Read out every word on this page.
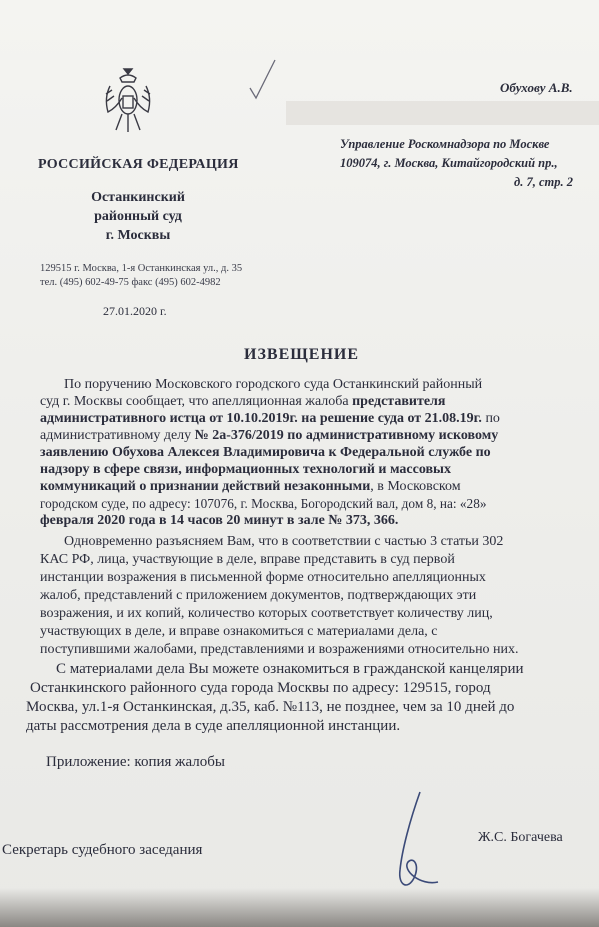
Обухову А.В.
Управление Роскомнадзора по Москве
109074, г. Москва, Китайгородский пр.,
д. 7, стр. 2
РОССИЙСКАЯ ФЕДЕРАЦИЯ
Останкинский
районный суд
г. Москвы
129515 г. Москва, 1-я Останкинская ул., д. 35
тел. (495) 602-49-75 факс (495) 602-4982
27.01.2020 г.
ИЗВЕЩЕНИЕ
По поручению Московского городского суда Останкинский районный
суд г. Москвы сообщает, что апелляционная жалоба представителя
административного истца от 10.10.2019г. на решение суда от 21.08.19г. по
административному делу № 2а-376/2019 по административному исковому
заявлению Обухова Алексея Владимировича к Федеральной службе по
надзору в сфере связи, информационных технологий и массовых
коммуникаций о признании действий незаконными, в Московском
городском суде, по адресу: 107076, г. Москва, Богородский вал, дом 8, на: «28»
февраля 2020 года в 14 часов 20 минут в зале № 373, 366.
Одновременно разъясняем Вам, что в соответствии с частью 3 статьи 302
КАС РФ, лица, участвующие в деле, вправе представить в суд первой
инстанции возражения в письменной форме относительно апелляционных
жалоб, представлений с приложением документов, подтверждающих эти
возражения, и их копий, количество которых соответствует количеству лиц,
участвующих в деле, и вправе ознакомиться с материалами дела, с
поступившими жалобами, представлениями и возражениями относительно них.
С материалами дела Вы можете ознакомиться в гражданской канцелярии
Останкинского районного суда города Москвы по адресу: 129515, город
Москва, ул.1-я Останкинская, д.35, каб. №113, не позднее, чем за 10 дней до
даты рассмотрения дела в суде апелляционной инстанции.
Приложение: копия жалобы
Ж.С. Богачева
Секретарь судебного заседания
